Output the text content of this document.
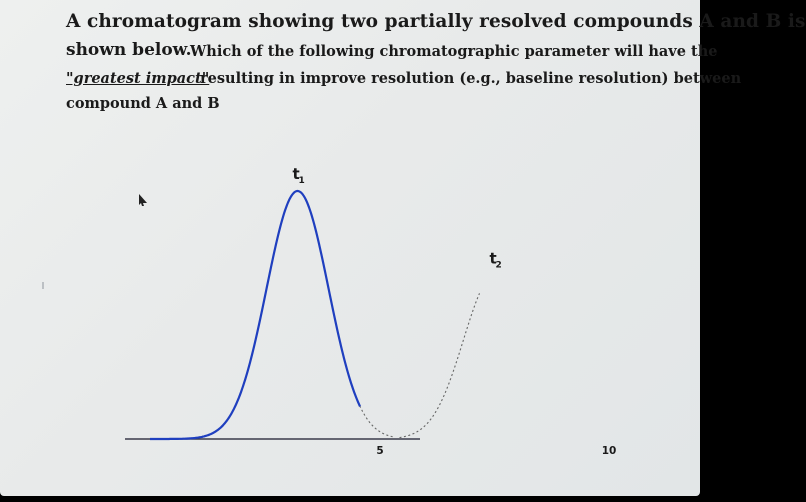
A chromatogram showing two partially resolved compounds A and B is
shown below.
Which of the following chromatographic parameter will have the
"greatest impact"
resulting in improve resolution (e.g., baseline resolution) between
compound A and B
5	10
t
1
t
2
